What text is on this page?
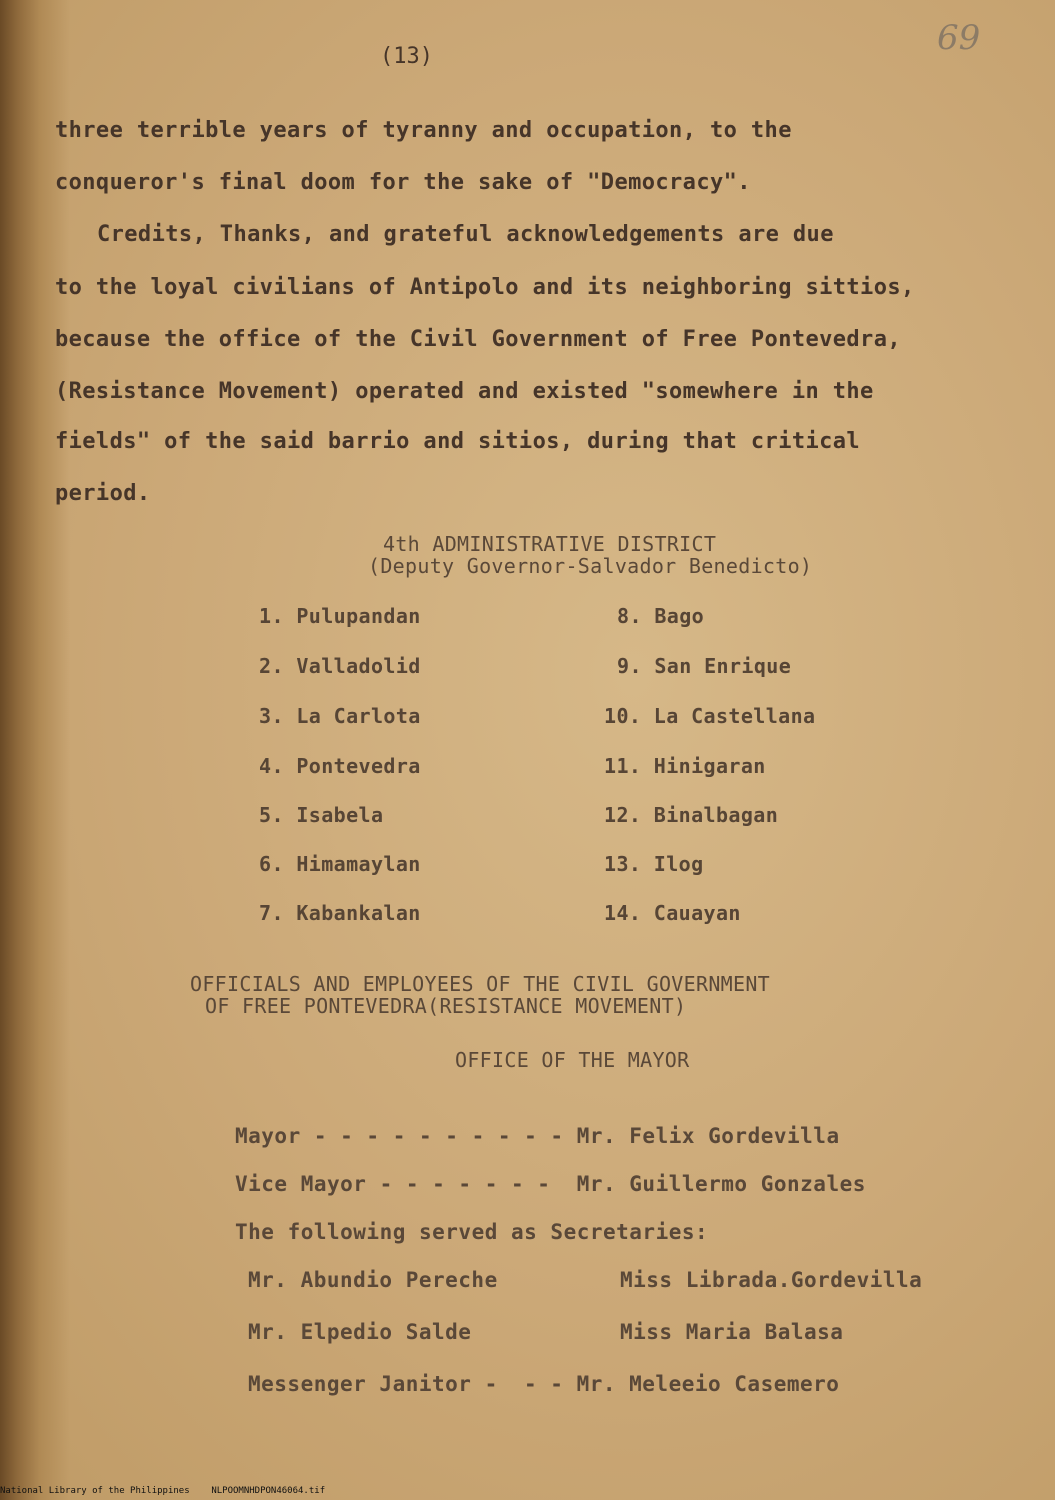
(13)	69
three terrible years of tyranny and occupation, to the
conqueror's final doom for the sake of "Democracy".
Credits, Thanks, and grateful acknowledgements are due
to the loyal civilians of Antipolo and its neighboring sittios,
because the office of the Civil Government of Free Pontevedra,
(Resistance Movement) operated and existed "somewhere in the
fields" of the said barrio and sitios, during that critical
period.
4th ADMINISTRATIVE DISTRICT
(Deputy Governor-Salvador Benedicto)
1. Pulupandan
2. Valladolid
3. La Carlota
4. Pontevedra
5. Isabela
6. Himamaylan
7. Kabankalan
8. Bago
9. San Enrique
10. La Castellana
11. Hinigaran
12. Binalbagan
13. Ilog
14. Cauayan
OFFICIALS AND EMPLOYEES OF THE CIVIL GOVERNMENT
OF FREE PONTEVEDRA(RESISTANCE MOVEMENT)
OFFICE OF THE MAYOR
Mayor - - - - - - - - - - Mr. Felix Gordevilla
Vice Mayor - - - - - - -  Mr. Guillermo Gonzales
The following served as Secretaries:
Mr. Abundio Pereche
Mr. Elpedio Salde
Miss Librada.Gordevilla
Miss Maria Balasa
Messenger Janitor -  - - Mr. Meleeio Casemero
National Library of the Philippines    NLPOOMNHDPON46064.tif
